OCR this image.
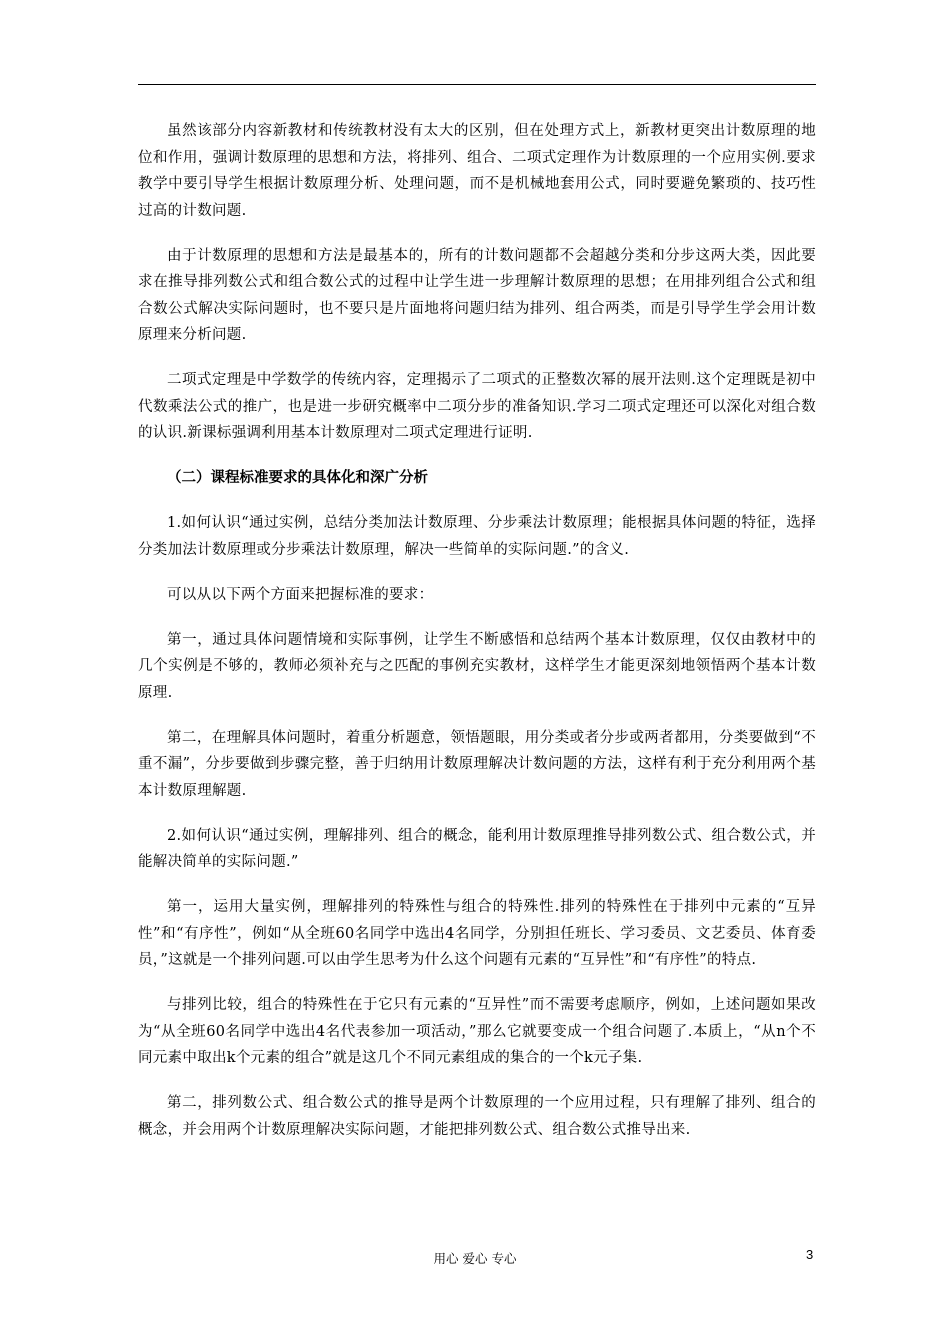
虽然该部分内容新教材和传统教材没有太大的区别，但在处理方式上，新教材更突出计数原理的地位和作用，强调计数原理的思想和方法，将排列、组合、二项式定理作为计数原理的一个应用实例.要求教学中要引导学生根据计数原理分析、处理问题，而不是机械地套用公式，同时要避免繁琐的、技巧性过高的计数问题.

由于计数原理的思想和方法是最基本的，所有的计数问题都不会超越分类和分步这两大类，因此要求在推导排列数公式和组合数公式的过程中让学生进一步理解计数原理的思想；在用排列组合公式和组合数公式解决实际问题时，也不要只是片面地将问题归结为排列、组合两类，而是引导学生学会用计数原理来分析问题.

二项式定理是中学数学的传统内容，定理揭示了二项式的正整数次幂的展开法则.这个定理既是初中代数乘法公式的推广，也是进一步研究概率中二项分步的准备知识.学习二项式定理还可以深化对组合数的认识.新课标强调利用基本计数原理对二项式定理进行证明.

（二）课程标准要求的具体化和深广分析

1.如何认识“通过实例，总结分类加法计数原理、分步乘法计数原理；能根据具体问题的特征，选择分类加法计数原理或分步乘法计数原理，解决一些简单的实际问题.”的含义.

可以从以下两个方面来把握标准的要求：

第一，通过具体问题情境和实际事例，让学生不断感悟和总结两个基本计数原理，仅仅由教材中的几个实例是不够的，教师必须补充与之匹配的事例充实教材，这样学生才能更深刻地领悟两个基本计数原理.

第二，在理解具体问题时，着重分析题意，领悟题眼，用分类或者分步或两者都用，分类要做到“不重不漏”，分步要做到步骤完整，善于归纳用计数原理解决计数问题的方法，这样有利于充分利用两个基本计数原理解题.

2.如何认识“通过实例，理解排列、组合的概念，能利用计数原理推导排列数公式、组合数公式，并能解决简单的实际问题.”

第一，运用大量实例，理解排列的特殊性与组合的特殊性.排列的特殊性在于排列中元素的“互异性”和“有序性”，例如“从全班60名同学中选出4名同学，分别担任班长、学习委员、文艺委员、体育委员，”这就是一个排列问题.可以由学生思考为什么这个问题有元素的“互异性”和“有序性”的特点.

与排列比较，组合的特殊性在于它只有元素的“互异性”而不需要考虑顺序，例如，上述问题如果改为“从全班60名同学中选出4名代表参加一项活动，”那么它就要变成一个组合问题了.本质上，“从n个不同元素中取出k个元素的组合”就是这几个不同元素组成的集合的一个k元子集.

第二，排列数公式、组合数公式的推导是两个计数原理的一个应用过程，只有理解了排列、组合的概念，并会用两个计数原理解决实际问题，才能把排列数公式、组合数公式推导出来.

用心 爱心 专心	3
